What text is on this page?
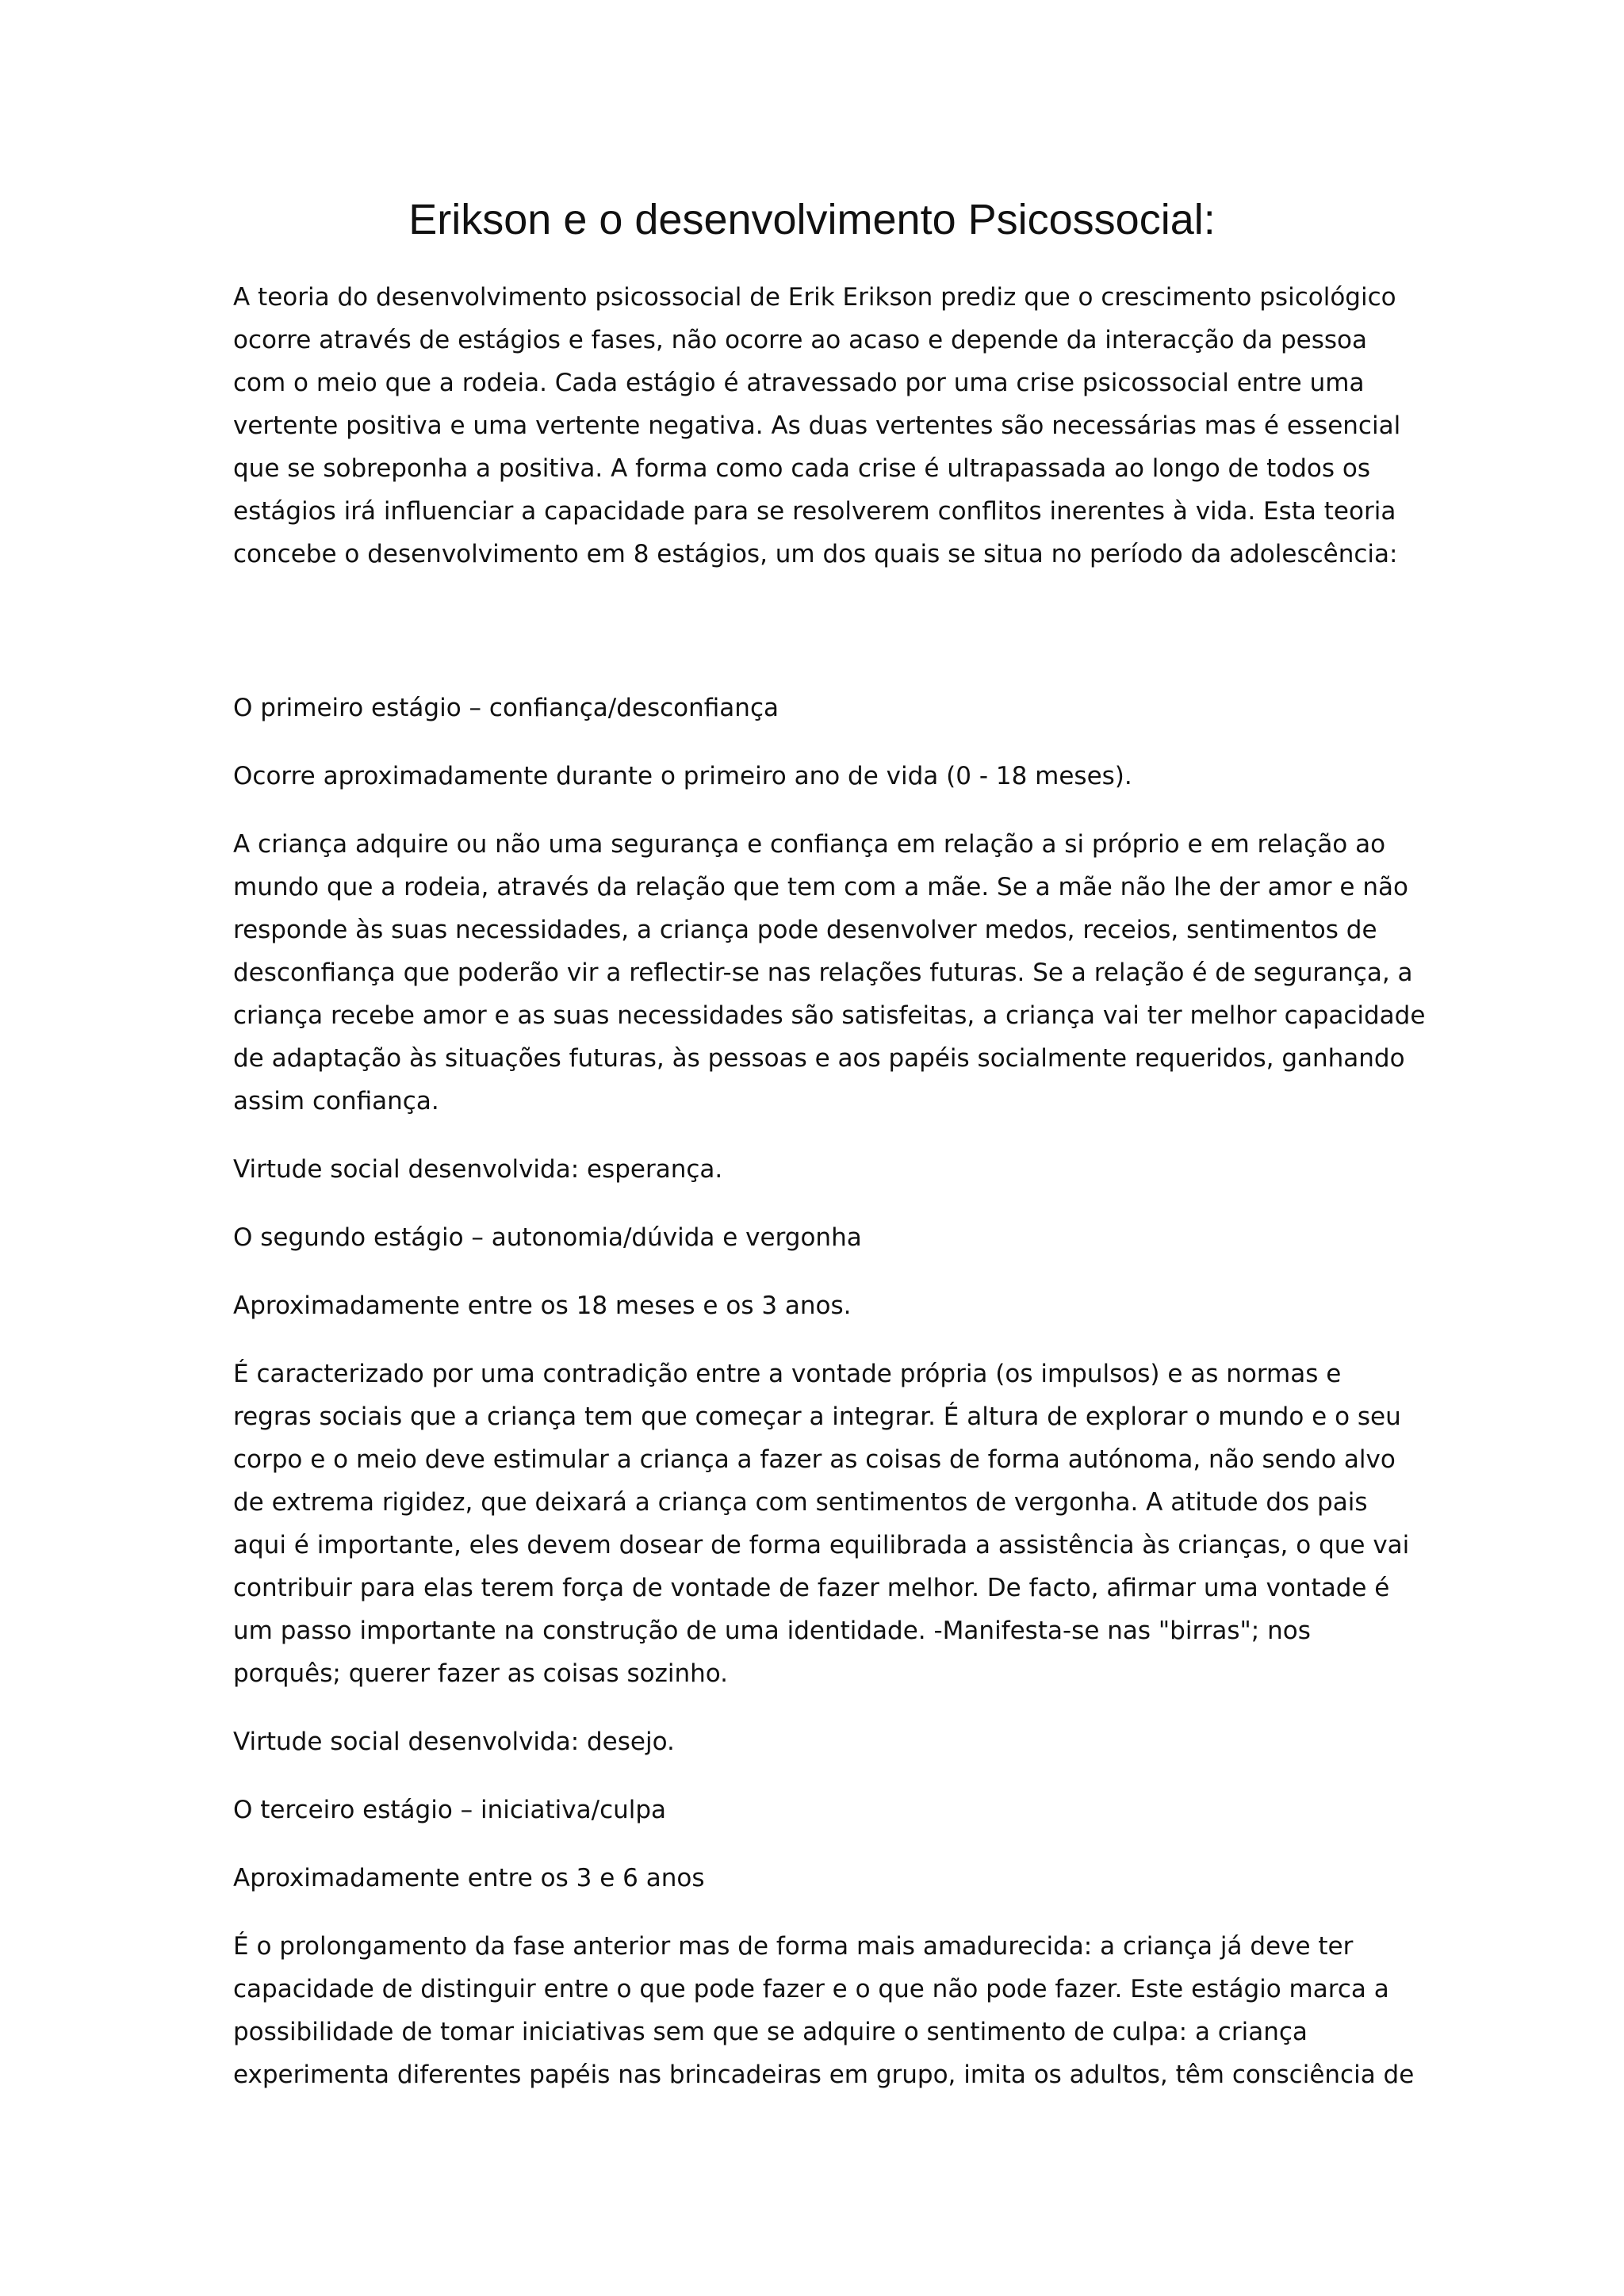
Erikson e o desenvolvimento Psicossocial:

A teoria do desenvolvimento psicossocial de Erik Erikson prediz que o crescimento psicológico
ocorre através de estágios e fases, não ocorre ao acaso e depende da interacção da pessoa
com o meio que a rodeia. Cada estágio é atravessado por uma crise psicossocial entre uma
vertente positiva e uma vertente negativa. As duas vertentes são necessárias mas é essencial
que se sobreponha a positiva. A forma como cada crise é ultrapassada ao longo de todos os
estágios irá influenciar a capacidade para se resolverem conflitos inerentes à vida. Esta teoria
concebe o desenvolvimento em 8 estágios, um dos quais se situa no período da adolescência:

O primeiro estágio – confiança/desconfiança

Ocorre aproximadamente durante o primeiro ano de vida (0 - 18 meses).

A criança adquire ou não uma segurança e confiança em relação a si próprio e em relação ao
mundo que a rodeia, através da relação que tem com a mãe. Se a mãe não lhe der amor e não
responde às suas necessidades, a criança pode desenvolver medos, receios, sentimentos de
desconfiança que poderão vir a reflectir-se nas relações futuras. Se a relação é de segurança, a
criança recebe amor e as suas necessidades são satisfeitas, a criança vai ter melhor capacidade
de adaptação às situações futuras, às pessoas e aos papéis socialmente requeridos, ganhando
assim confiança.

Virtude social desenvolvida: esperança.

O segundo estágio – autonomia/dúvida e vergonha

Aproximadamente entre os 18 meses e os 3 anos.

É caracterizado por uma contradição entre a vontade própria (os impulsos) e as normas e
regras sociais que a criança tem que começar a integrar. É altura de explorar o mundo e o seu
corpo e o meio deve estimular a criança a fazer as coisas de forma autónoma, não sendo alvo
de extrema rigidez, que deixará a criança com sentimentos de vergonha. A atitude dos pais
aqui é importante, eles devem dosear de forma equilibrada a assistência às crianças, o que vai
contribuir para elas terem força de vontade de fazer melhor. De facto, afirmar uma vontade é
um passo importante na construção de uma identidade. -Manifesta-se nas "birras"; nos
porquês; querer fazer as coisas sozinho.

Virtude social desenvolvida: desejo.

O terceiro estágio – iniciativa/culpa

Aproximadamente entre os 3 e 6 anos

É o prolongamento da fase anterior mas de forma mais amadurecida: a criança já deve ter
capacidade de distinguir entre o que pode fazer e o que não pode fazer. Este estágio marca a
possibilidade de tomar iniciativas sem que se adquire o sentimento de culpa: a criança
experimenta diferentes papéis nas brincadeiras em grupo, imita os adultos, têm consciência de
